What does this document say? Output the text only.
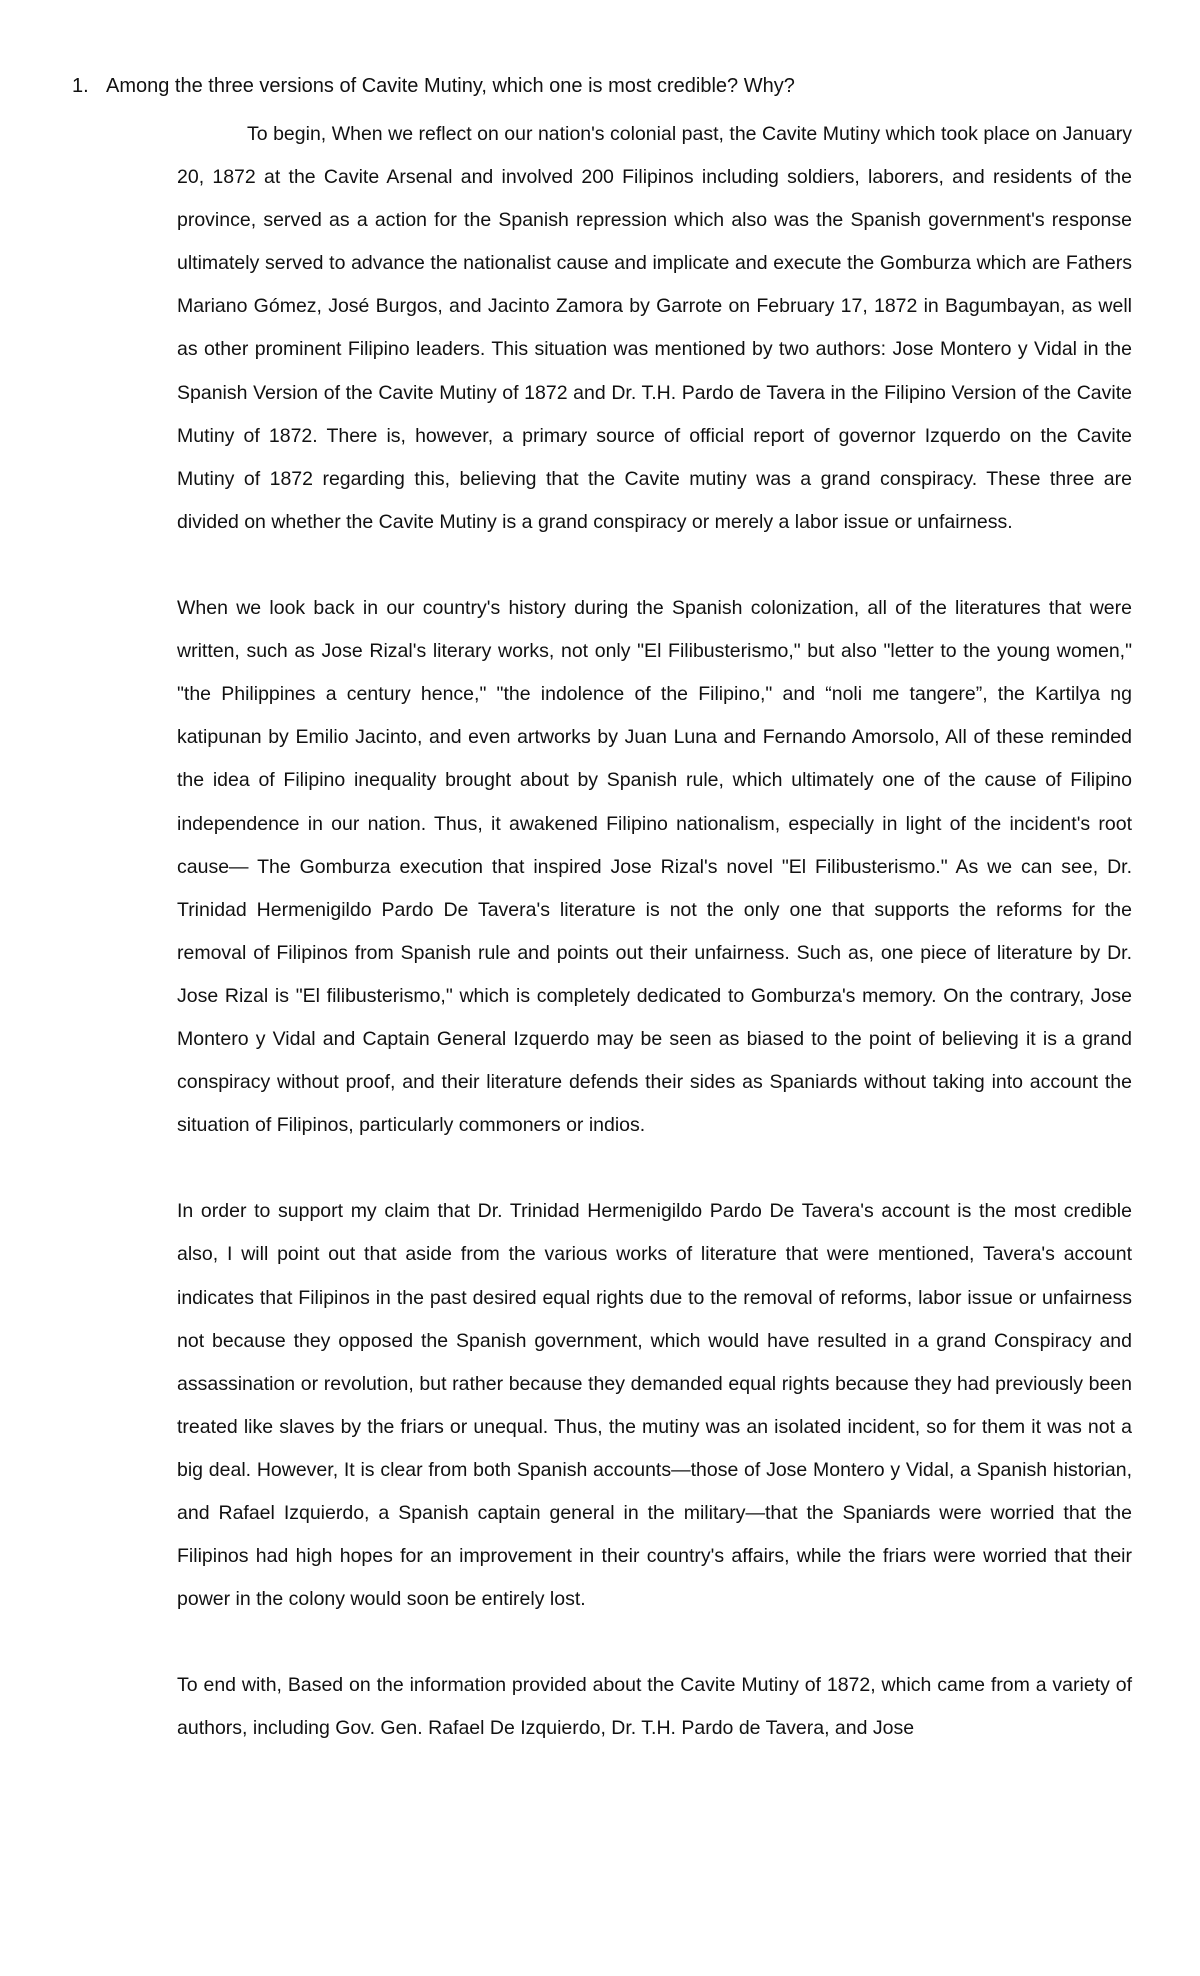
1. Among the three versions of Cavite Mutiny, which one is most credible? Why?

To begin, When we reflect on our nation's colonial past, the Cavite Mutiny which took place on January 20, 1872 at the Cavite Arsenal and involved 200 Filipinos including soldiers, laborers, and residents of the province, served as a action for the Spanish repression which also was the Spanish government's response ultimately served to advance the nationalist cause and implicate and execute the Gomburza which are Fathers Mariano Gómez, José Burgos, and Jacinto Zamora by Garrote on February 17, 1872 in Bagumbayan, as well as other prominent Filipino leaders. This situation was mentioned by two authors: Jose Montero y Vidal in the Spanish Version of the Cavite Mutiny of 1872 and Dr. T.H. Pardo de Tavera in the Filipino Version of the Cavite Mutiny of 1872. There is, however, a primary source of official report of governor Izquerdo on the Cavite Mutiny of 1872 regarding this, believing that the Cavite mutiny was a grand conspiracy. These three are divided on whether the Cavite Mutiny is a grand conspiracy or merely a labor issue or unfairness.

When we look back in our country's history during the Spanish colonization, all of the literatures that were written, such as Jose Rizal's literary works, not only "El Filibusterismo," but also "letter to the young women," "the Philippines a century hence," "the indolence of the Filipino," and “noli me tangere”, the Kartilya ng katipunan by Emilio Jacinto, and even artworks by Juan Luna and Fernando Amorsolo, All of these reminded the idea of Filipino inequality brought about by Spanish rule, which ultimately one of the cause of Filipino independence in our nation. Thus, it awakened Filipino nationalism, especially in light of the incident's root cause— The Gomburza execution that inspired Jose Rizal's novel "El Filibusterismo." As we can see, Dr. Trinidad Hermenigildo Pardo De Tavera's literature is not the only one that supports the reforms for the removal of Filipinos from Spanish rule and points out their unfairness. Such as, one piece of literature by Dr. Jose Rizal is "El filibusterismo," which is completely dedicated to Gomburza's memory. On the contrary, Jose Montero y Vidal and Captain General Izquerdo may be seen as biased to the point of believing it is a grand conspiracy without proof, and their literature defends their sides as Spaniards without taking into account the situation of Filipinos, particularly commoners or indios.

In order to support my claim that Dr. Trinidad Hermenigildo Pardo De Tavera's account is the most credible also, I will point out that aside from the various works of literature that were mentioned, Tavera's account indicates that Filipinos in the past desired equal rights due to the removal of reforms, labor issue or unfairness not because they opposed the Spanish government, which would have resulted in a grand Conspiracy and assassination or revolution, but rather because they demanded equal rights because they had previously been treated like slaves by the friars or unequal. Thus, the mutiny was an isolated incident, so for them it was not a big deal. However, It is clear from both Spanish accounts—those of Jose Montero y Vidal, a Spanish historian, and Rafael Izquierdo, a Spanish captain general in the military—that the Spaniards were worried that the Filipinos had high hopes for an improvement in their country's affairs, while the friars were worried that their power in the colony would soon be entirely lost.

To end with, Based on the information provided about the Cavite Mutiny of 1872, which came from a variety of authors, including Gov. Gen. Rafael De Izquierdo, Dr. T.H. Pardo de Tavera, and Jose
